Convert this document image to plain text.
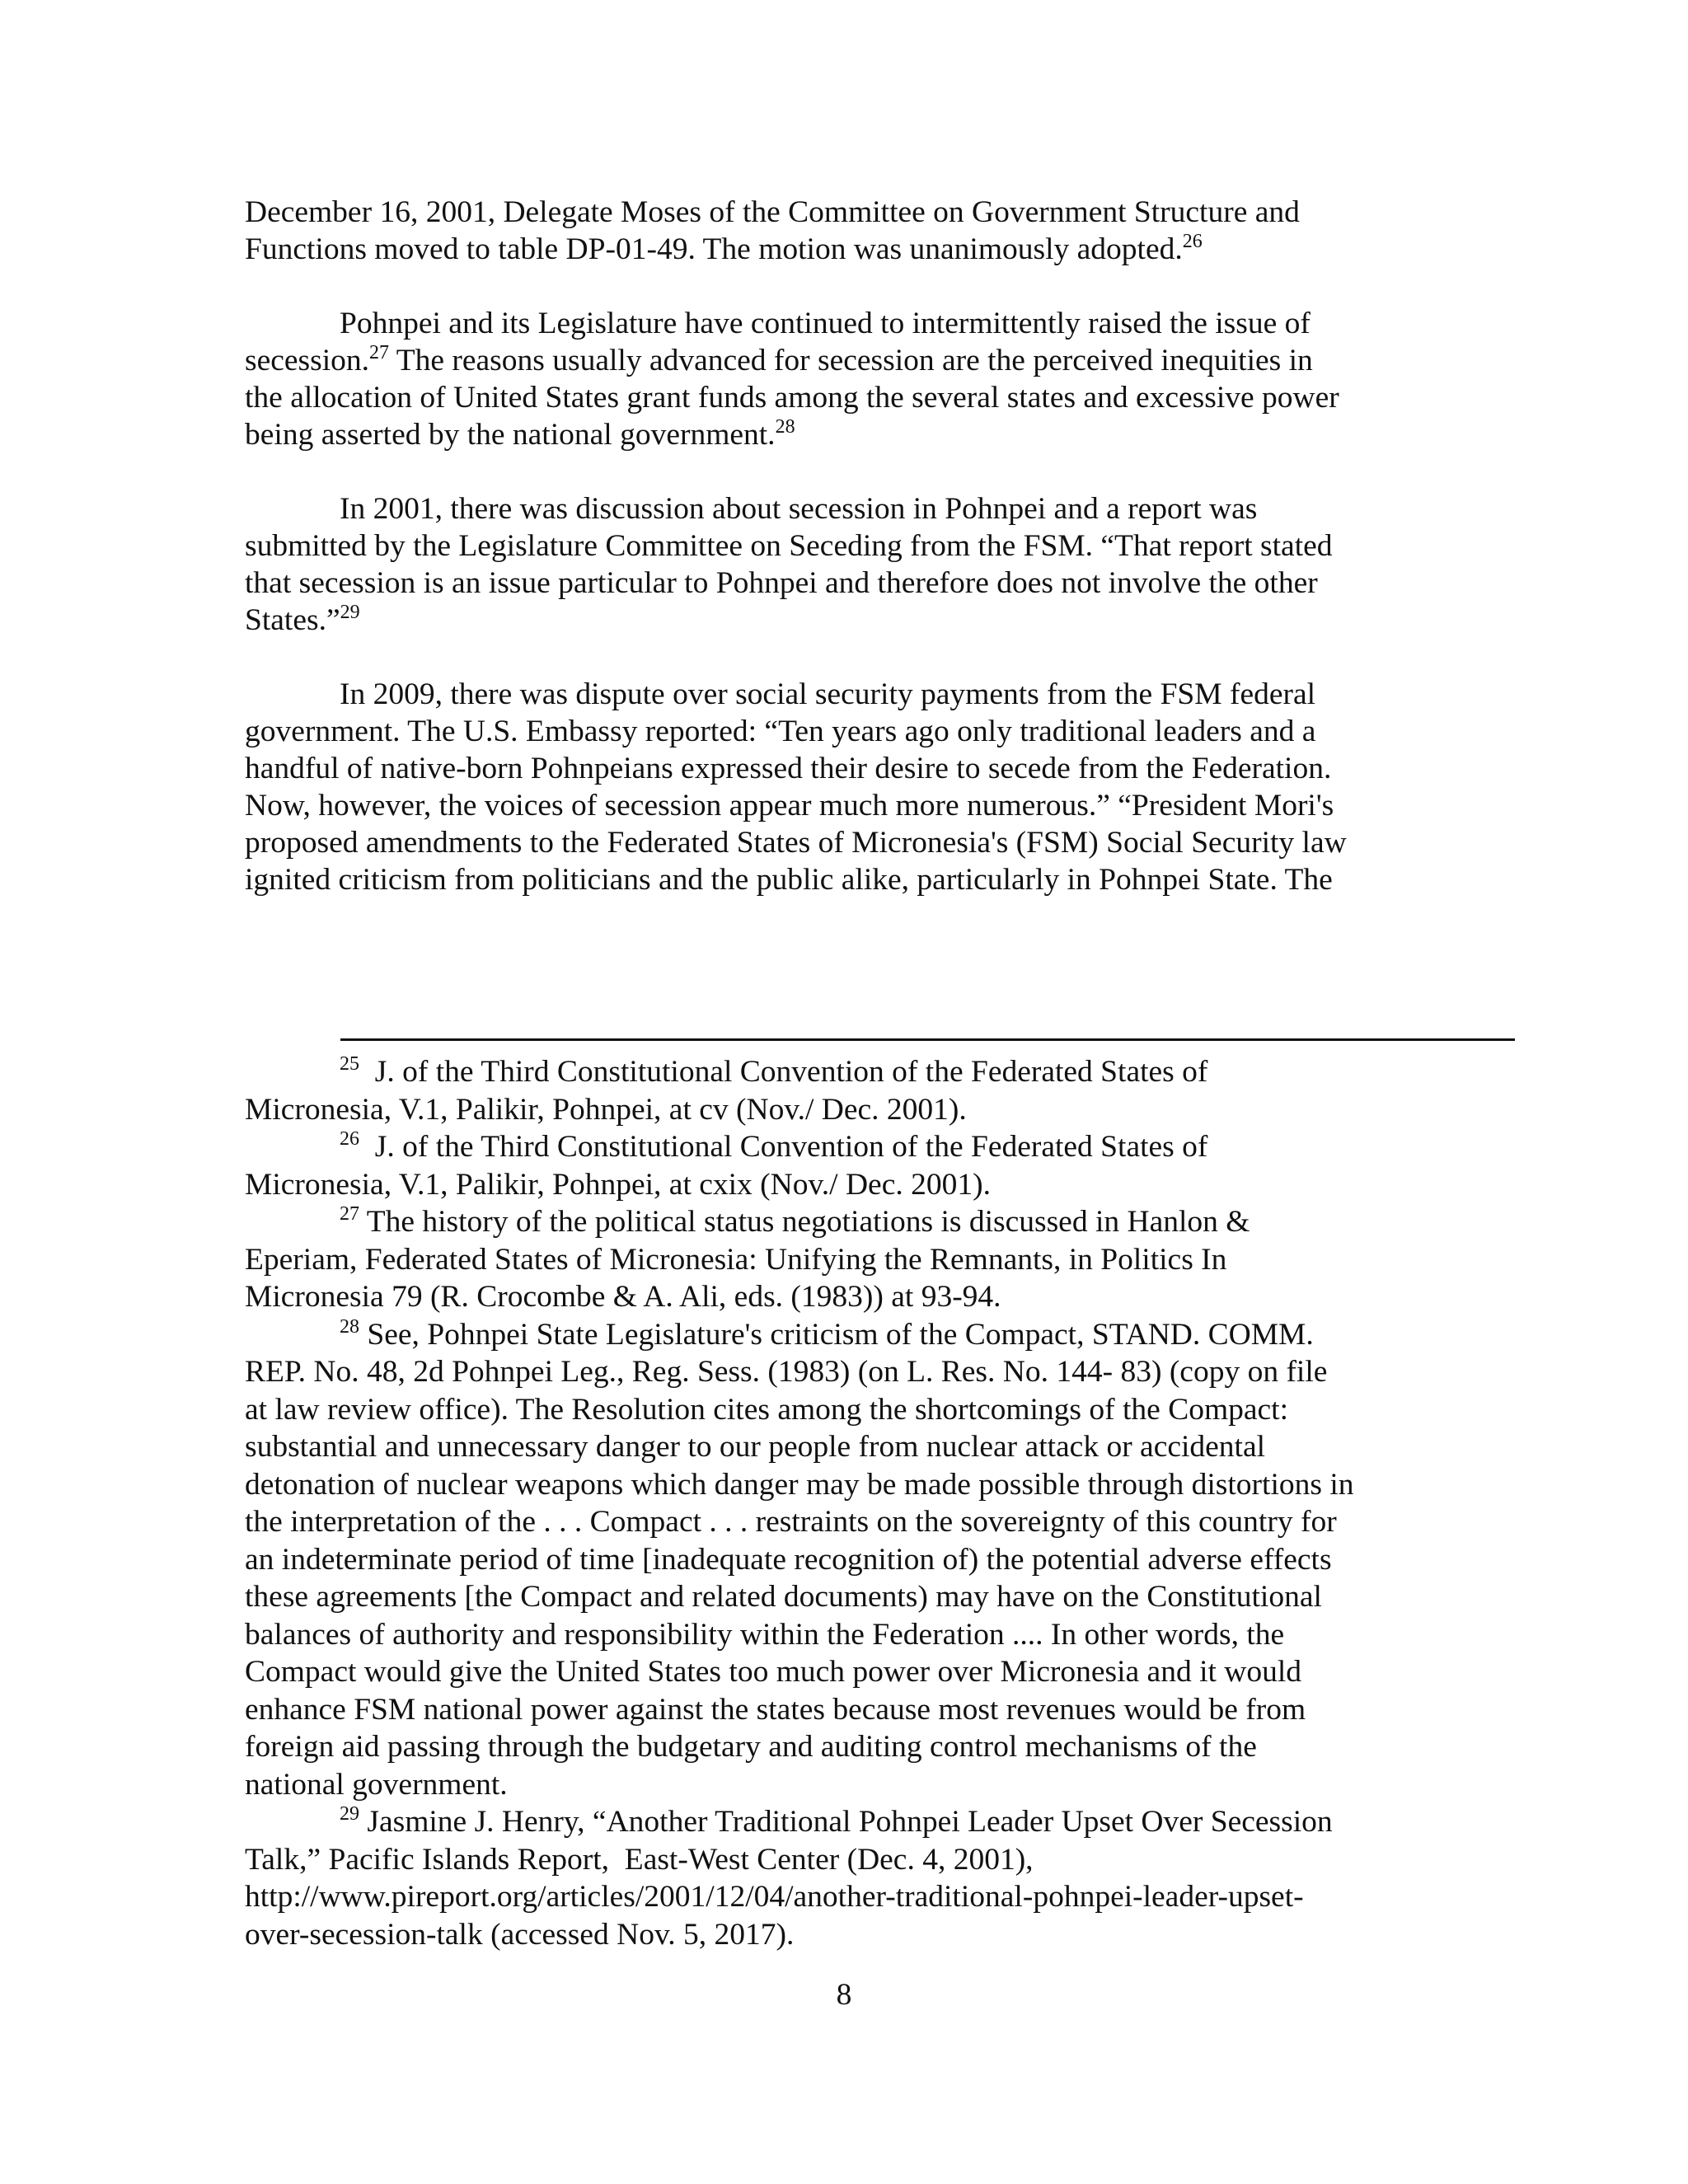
December 16, 2001, Delegate Moses of the Committee on Government Structure and
Functions moved to table DP-01-49. The motion was unanimously adopted.$^{26}$

Pohnpei and its Legislature have continued to intermittently raised the issue of
secession.$^{27}$ The reasons usually advanced for secession are the perceived inequities in
the allocation of United States grant funds among the several states and excessive power
being asserted by the national government.$^{28}$

In 2001, there was discussion about secession in Pohnpei and a report was
submitted by the Legislature Committee on Seceding from the FSM. “That report stated
that secession is an issue particular to Pohnpei and therefore does not involve the other
States.”$^{29}$

In 2009, there was dispute over social security payments from the FSM federal
government. The U.S. Embassy reported: “Ten years ago only traditional leaders and a
handful of native-born Pohnpeians expressed their desire to secede from the Federation.
Now, however, the voices of secession appear much more numerous.” “President Mori's
proposed amendments to the Federated States of Micronesia's (FSM) Social Security law
ignited criticism from politicians and the public alike, particularly in Pohnpei State. The

$^{25}$  J. of the Third Constitutional Convention of the Federated States of
Micronesia, V.1, Palikir, Pohnpei, at cv (Nov./ Dec. 2001).
$^{26}$  J. of the Third Constitutional Convention of the Federated States of
Micronesia, V.1, Palikir, Pohnpei, at cxix (Nov./ Dec. 2001).
$^{27}$ The history of the political status negotiations is discussed in Hanlon &
Eperiam, Federated States of Micronesia: Unifying the Remnants, in Politics In
Micronesia 79 (R. Crocombe & A. Ali, eds. (1983)) at 93-94.
$^{28}$ See, Pohnpei State Legislature's criticism of the Compact, STAND. COMM.
REP. No. 48, 2d Pohnpei Leg., Reg. Sess. (1983) (on L. Res. No. 144- 83) (copy on file
at law review office). The Resolution cites among the shortcomings of the Compact:
substantial and unnecessary danger to our people from nuclear attack or accidental
detonation of nuclear weapons which danger may be made possible through distortions in
the interpretation of the . . . Compact . . . restraints on the sovereignty of this country for
an indeterminate period of time [inadequate recognition of) the potential adverse effects
these agreements [the Compact and related documents) may have on the Constitutional
balances of authority and responsibility within the Federation .... In other words, the
Compact would give the United States too much power over Micronesia and it would
enhance FSM national power against the states because most revenues would be from
foreign aid passing through the budgetary and auditing control mechanisms of the
national government.
$^{29}$ Jasmine J. Henry, “Another Traditional Pohnpei Leader Upset Over Secession
Talk,” Pacific Islands Report,  East-West Center (Dec. 4, 2001),
http://www.pireport.org/articles/2001/12/04/another-traditional-pohnpei-leader-upset-
over-secession-talk (accessed Nov. 5, 2017).
8
